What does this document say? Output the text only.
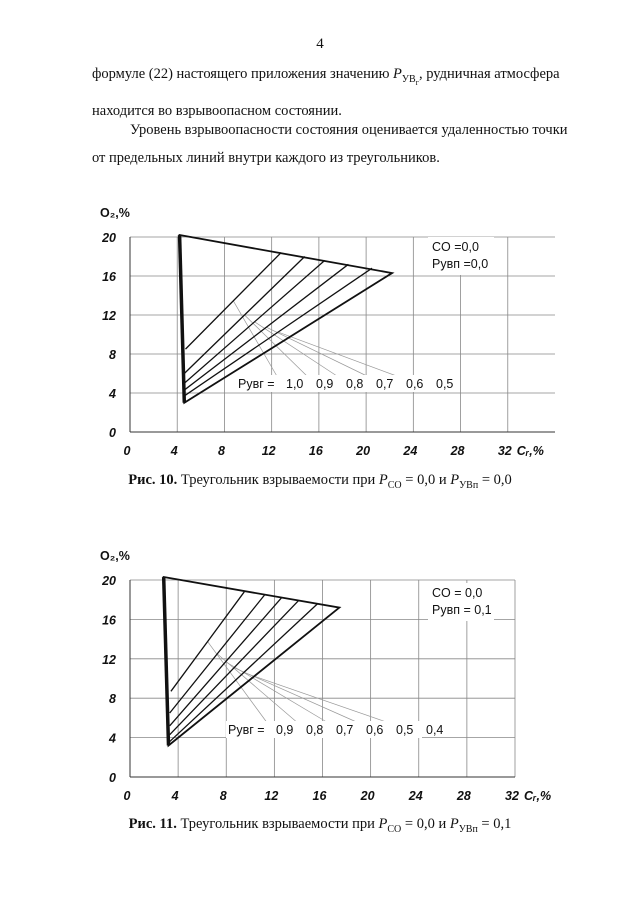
4

формуле (22) настоящего приложения значению $P_{УВ_г}$, рудничная атмосфера
находится во взрывоопасном состоянии.

Уровень взрывоопасности состояния оценивается удаленностью точки
от предельных линий внутри каждого из треугольников.

0	4	8	12	16	20	24	28	32
0
4
8
12
16
20
O₂,%
Cᵣ,%
CO =0,0
Pувп =0,0
Pувг = 1,0 0,9 0,8 0,7 0,6 0,5
Рис. 10. Треугольник взрываемости при $P_{CO} = 0,0$ и $P_{УВп} = 0,0$
0	4	8	12	16	20	24	28	32
0
4
8
12
16
20
O₂,%
Cᵣ,%
CO = 0,0
Pувп = 0,1
Pувг = 0,9 0,8 0,7 0,6 0,5 0,4
Рис. 11. Треугольник взрываемости при $P_{CO} = 0,0$ и $P_{УВп} = 0,1$
